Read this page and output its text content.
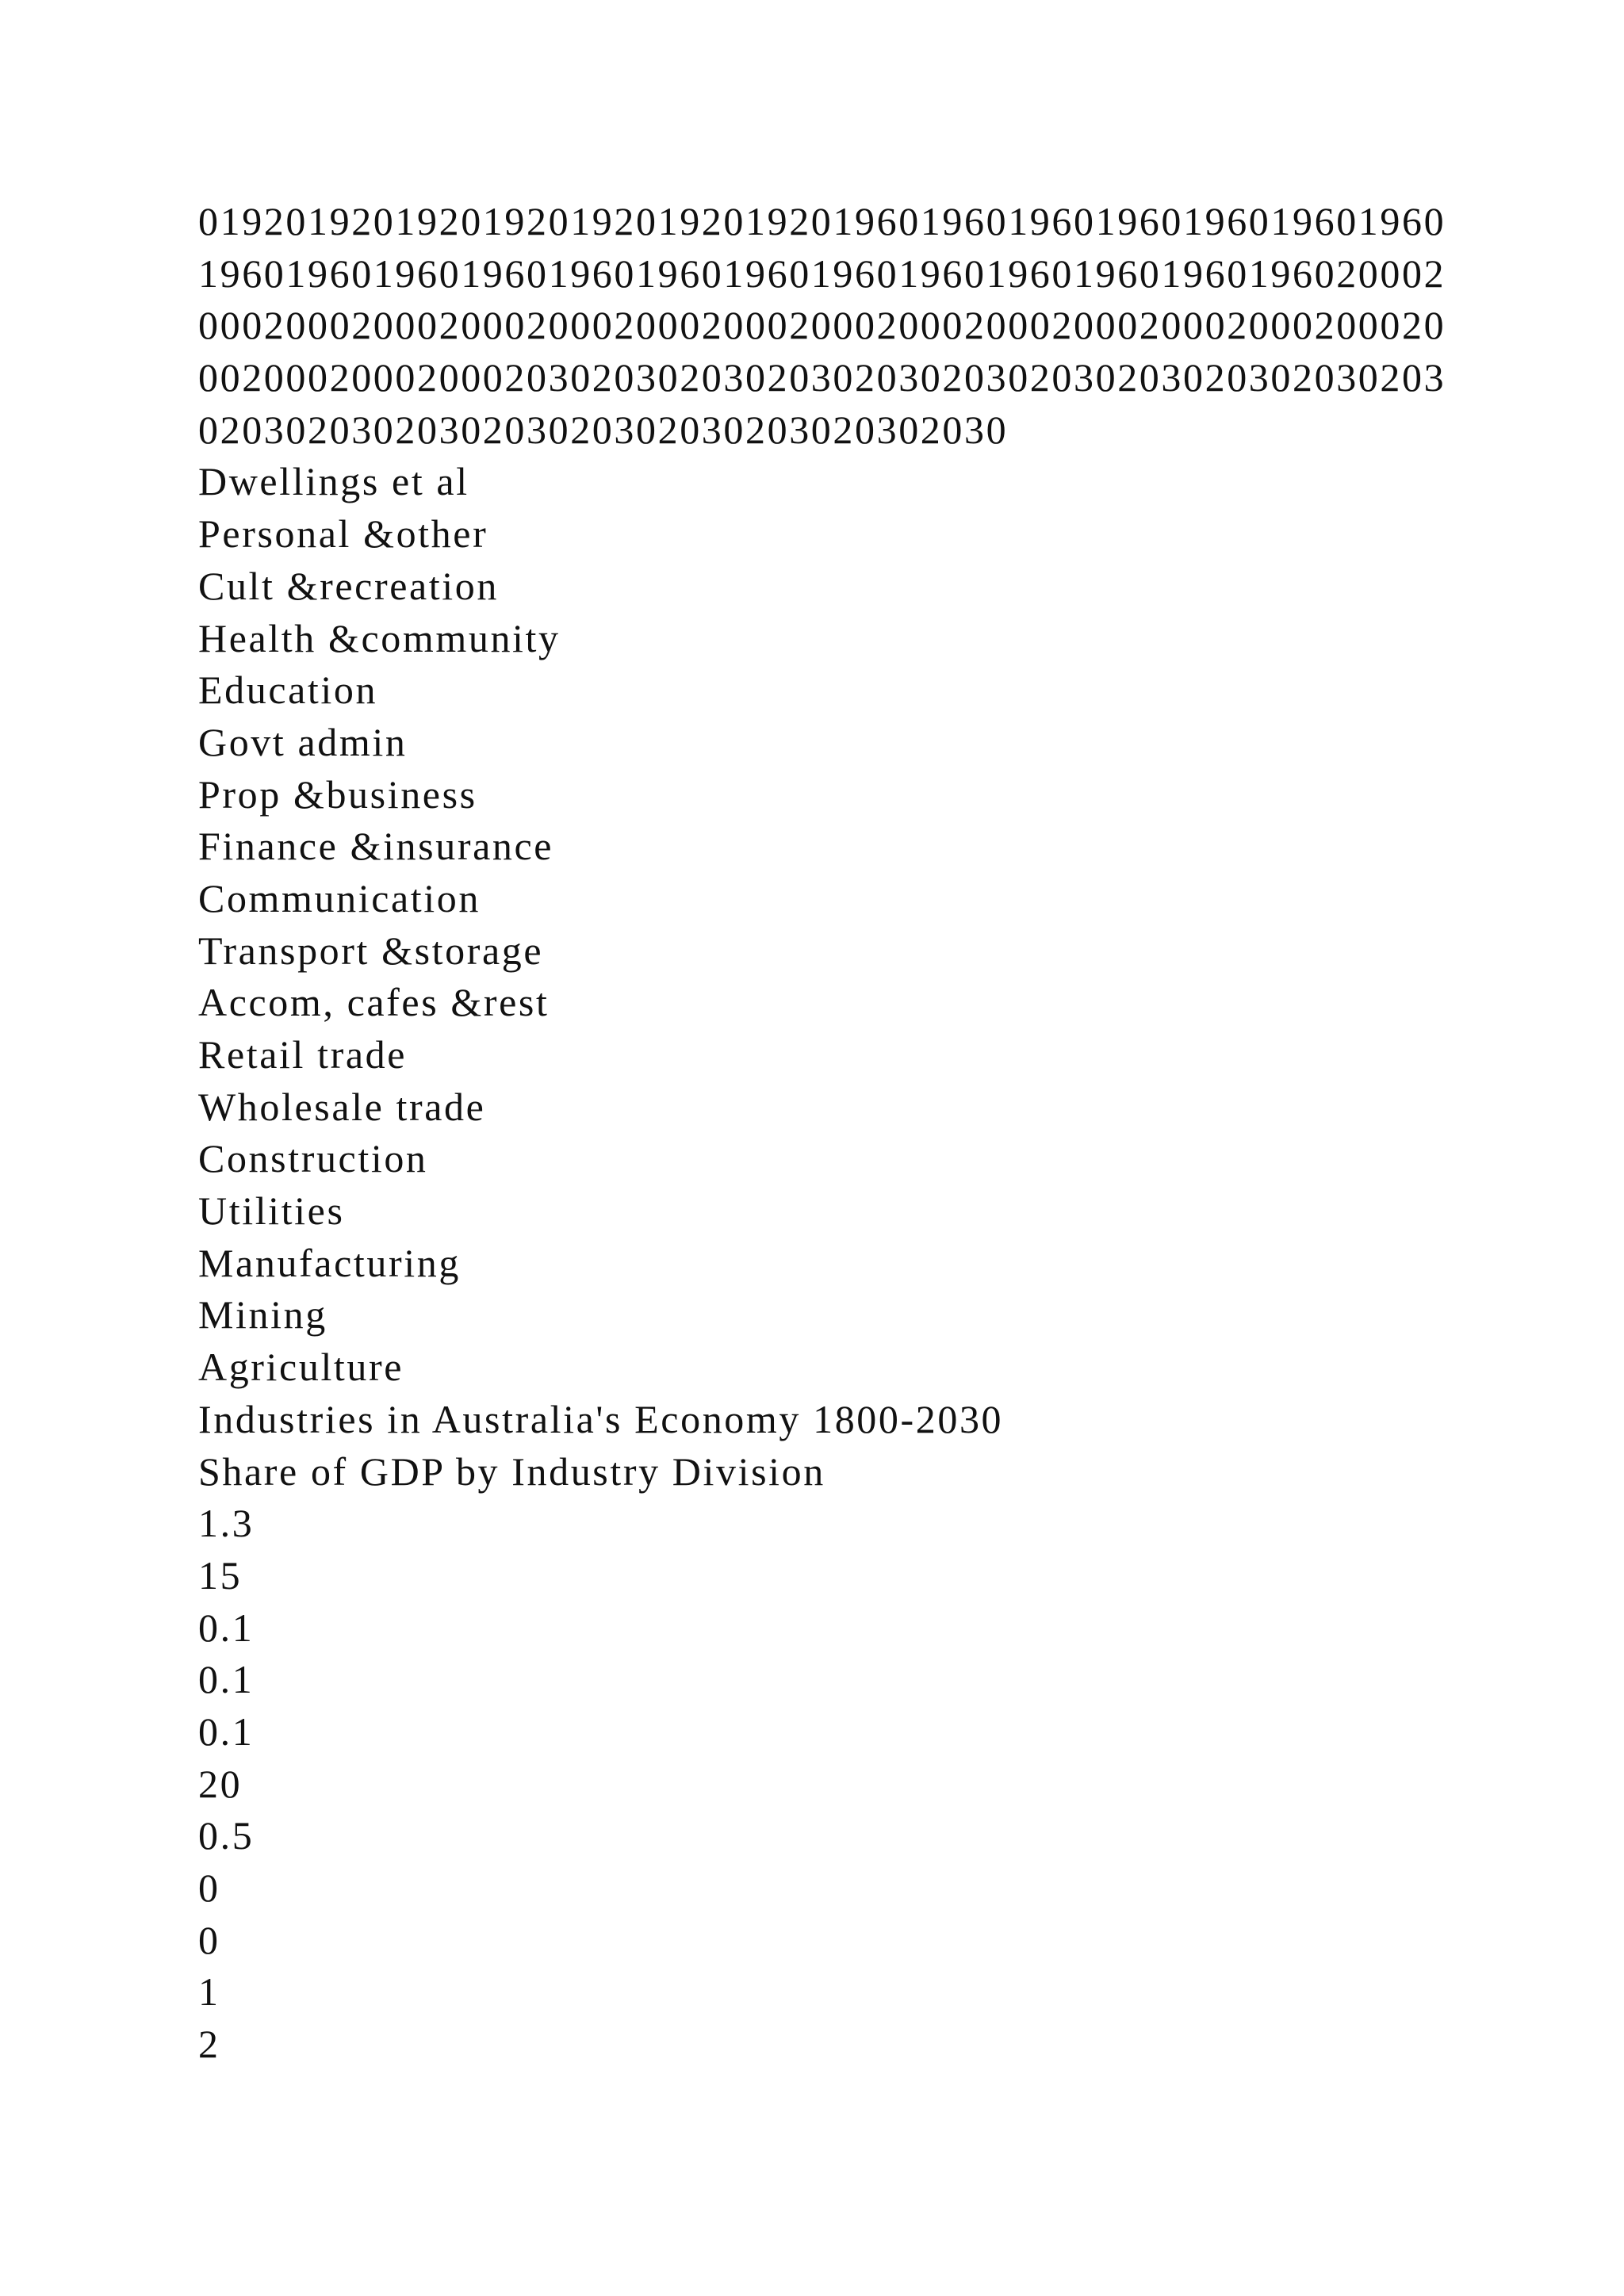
019201920192019201920192019201960196019601960196019601960
196019601960196019601960196019601960196019601960196020002
000200020002000200020002000200020002000200020002000200020
002000200020002030203020302030203020302030203020302030203
0203020302030203020302030203020302030
Dwellings et al
Personal &other
Cult &recreation
Health &community
Education
Govt admin
Prop &business
Finance &insurance
Communication
Transport &storage
Accom, cafes &rest
Retail trade
Wholesale trade
Construction
Utilities
Manufacturing
Mining
Agriculture
Industries in Australia's Economy 1800-2030
Share of GDP by Industry Division
1.3
15
0.1
0.1
0.1
20
0.5
0
0
1
2
